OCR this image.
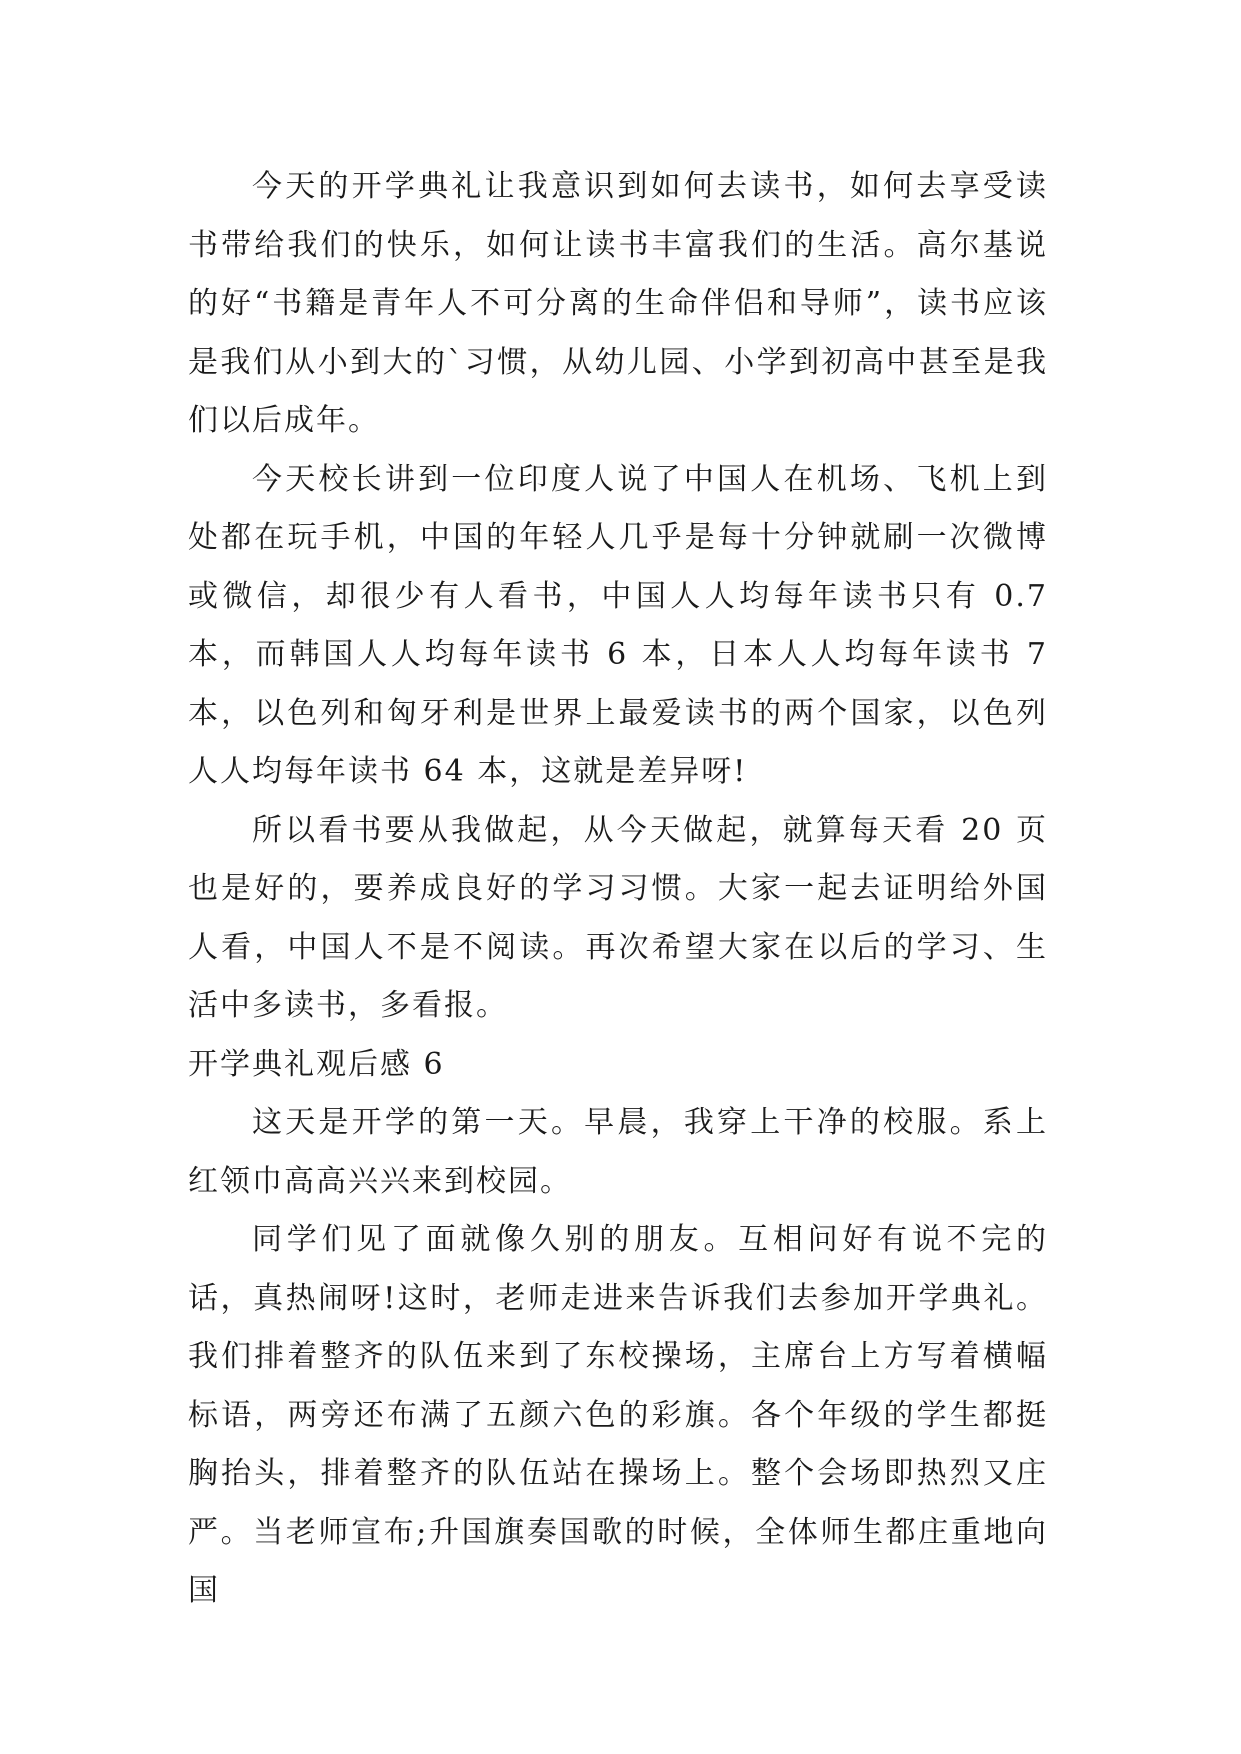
今天的开学典礼让我意识到如何去读书，如何去享受读书带给我们的快乐，如何让读书丰富我们的生活。高尔基说的好“书籍是青年人不可分离的生命伴侣和导师”，读书应该是我们从小到大的`习惯，从幼儿园、小学到初高中甚至是我们以后成年。

今天校长讲到一位印度人说了中国人在机场、飞机上到处都在玩手机，中国的年轻人几乎是每十分钟就刷一次微博或微信，却很少有人看书，中国人人均每年读书只有 0.7 本，而韩国人人均每年读书 6 本，日本人人均每年读书 7 本，以色列和匈牙利是世界上最爱读书的两个国家，以色列人人均每年读书 64 本，这就是差异呀!

所以看书要从我做起，从今天做起，就算每天看 20 页也是好的，要养成良好的学习习惯。大家一起去证明给外国人看，中国人不是不阅读。再次希望大家在以后的学习、生活中多读书，多看报。

开学典礼观后感 6

这天是开学的第一天。早晨，我穿上干净的校服。系上红领巾高高兴兴来到校园。

同学们见了面就像久别的朋友。互相问好有说不完的话，真热闹呀!这时，老师走进来告诉我们去参加开学典礼。我们排着整齐的队伍来到了东校操场，主席台上方写着横幅标语，两旁还布满了五颜六色的彩旗。各个年级的学生都挺胸抬头，排着整齐的队伍站在操场上。整个会场即热烈又庄严。当老师宣布;升国旗奏国歌的时候，全体师生都庄重地向国
